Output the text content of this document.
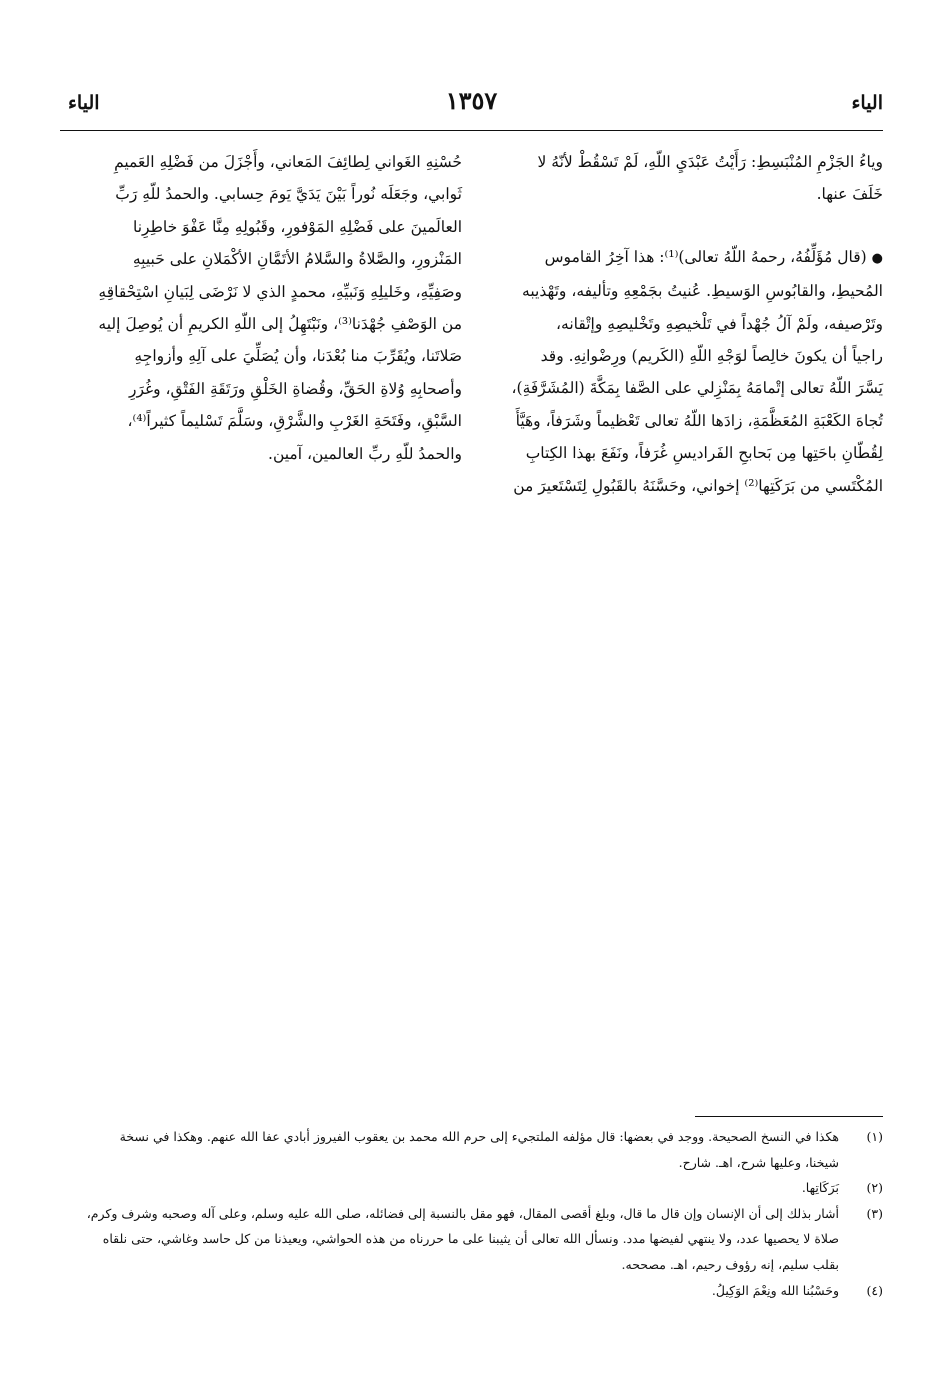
الياء
١٣٥٧
الياء

وياءُ الجَزْمِ المُنْبَسِطِ: رَأَيْتُ عَبْدَيِ اللّهِ، لَمْ تَسْقُطْ لأنّهُ لا
خَلَفَ عنها.

● (قال مُؤَلِّفُهُ، رحمهُ اللّهُ تعالى)⁽¹⁾: هذا آخِرُ القاموس
المُحيطِ، والقابُوسِ الوَسيطِ. عُنيتُ بجَمْعِهِ وتأليفه، وتَهْذيبه
وتَرْصيفه، ولَمْ آلُ جُهْداً في تَلْخيصِهِ وتَخْليصِهِ وإتْقانه،
راجياً أن يكونَ خالِصاً لوَجْهِ اللّهِ (الكَريم) ورِضْوانِهِ. وقد
يَسَّرَ اللّهُ تعالى إتْمامَهُ بِمَنْزِلي على الصَّفا بِمَكَّةَ (المُشَرَّفَةِ)،
تُجاهَ الكَعْبَةِ المُعَظَّمَةِ، زادَها اللّهُ تعالى تَعْظيماً وشَرَفاً، وهَيَّأَ
لِقُطّانِ باحَتِها مِن بَحابحِ الفَراديسِ غُرَفاً، ونَفَعَ بهذا الكِتابِ
المُكْتَسي من بَرَكَتِها⁽²⁾ إخواني، وحَسَّنَهُ بالقَبُولِ لِتَسْتَعيرَ من

حُسْنِهِ الغَواني لِطائِفَ المَعاني، وأَجْزَلَ من فَضْلِهِ العَميمِ
ثَوابي، وجَعَلَه نُوراً بَيْنَ يَدَيَّ يَومَ حِسابي. والحمدُ للّهِ رَبِّ
العالَمينَ على فَضْلِهِ المَوْفورِ، وقَبُولِهِ مِنَّا عَفْوَ خاطِرِنا
المَنْزورِ، والصَّلاةُ والسَّلامُ الأتَمَّانِ الأكْمَلانِ على حَبيبِهِ
وصَفِيِّهِ، وخَليلِهِ وَنَبيِّهِ، محمدٍ الذي لا نَرْضَى لِبَيانِ اسْتِحْقاقِهِ
من الوَصْفِ جُهْدَنا⁽³⁾، ونَبْتَهِلُ إلى اللّهِ الكريمِ أن يُوصِلَ إليه
صَلاتَنا، ويُقَرِّبَ منا بُعْدَنا، وأن يُصَلِّيَ على آلِهِ وأزواجِهِ
وأصحابِهِ وُلاةِ الحَقِّ، وقُضاةِ الخَلْقِ ورَتَقَةِ الفَتْقِ، وغُرَرِ
السَّبْقِ، وفَتَحَةِ الغَرْبِ والشَّرْقِ، وسَلَّمَ تَسْليماً كثيراً⁽⁴⁾،
والحمدُ للّهِ ربِّ العالمين، آمين.

(١)
هكذا في النسخ الصحيحة. ووجد في بعضها: قال مؤلفه الملتجيء إلى حرم الله محمد بن يعقوب الفيروز أبادي عفا الله عنهم. وهكذا في نسخة
شيخنا، وعليها شرح، اهـ. شارح.
(٢)
بَرَكَاتِها.
(٣)
أشار بذلك إلى أن الإنسان وإن قال ما قال، وبلغ أقصى المقال، فهو مقل بالنسبة إلى فضائله، صلى الله عليه وسلم، وعلى آله وصحبه وشرف وكرم،
صلاة لا يحصيها عدد، ولا ينتهي لفيضها مدد. ونسأل الله تعالى أن يثيبنا على ما حررناه من هذه الحواشي، ويعيذنا من كل حاسد وغاشي، حتى نلقاه
بقلب سليم، إنه رؤوف رحيم، اهـ. مصححه.
(٤)
وحَسْبُنا الله ونِعْمَ الوَكِيلُ.
